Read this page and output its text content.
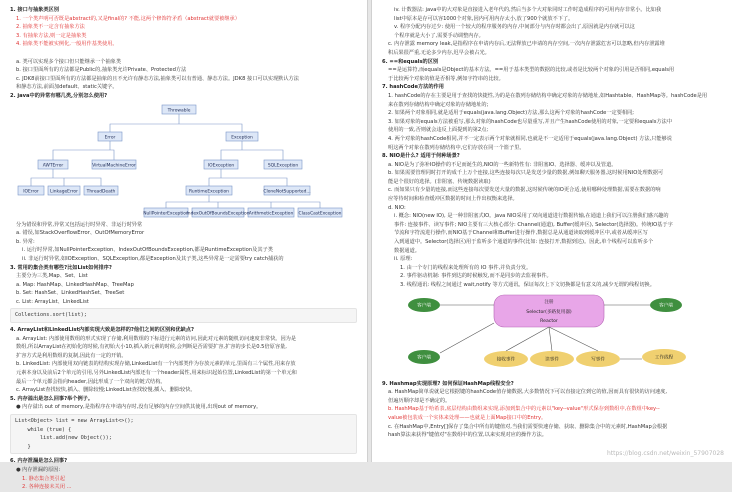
1. 接口与抽象类区别
1. 一个类声明可否既是abstract的,又是final的? 不能,这两个修饰符矛盾（abstract就要被继承）
2. 抽象类不一定含有抽象方法
3. 有抽象方法,则一定是抽象类
4. 抽象类不能被实例化,一般用作基类使用。
a. 类可以实现多个接口但只能继承一个抽象类
b. 接口里面所有的方法都是Public的,抽象类允许Private、Protected方法
c. JDK8前接口里面所有的方法都是抽象的且不允许有静态方法,抽象类可以有普通、静态方法。JDK8 接口可以实现默认方法
和静态方法,前面加default、static关键字。
2. java中的异常有哪几类,分别怎么使用?
Throwable
Error	Exception
AWTError	VirtualMachineError	IOException	SQLException
IOError	LinkageError ThreadDeath	RuntimeException	CloneNotSupported...
NullPointerException
IndexOutOfBoundsException ArithmeticException ClassCastException
分为错误和异常,异常又包括运行时异常、非运行时异常
a. 错误,如StackOverflowError、OutOfMemoryError
b. 异常:
i. 运行时异常,如NullPointerException、IndexOutOfBoundsException,都是RuntimeException及其子类
ii. 非运行时异常,如IOException、SQLException,都是Exception及其子类,这些异常是一定需要try catch捕获的
3. 常用的集合类有哪些?比如List如何排序?
主要分为三类,Map、Set、List
a. Map: HashMap、LinkedHashMap、TreeMap
b. Set: HashSet、LinkedHashSet、TreeSet
c. List: ArrayList、LinkedList
Collections.sort(list);
4. ArrayList和LinkedList内部实现大致是怎样的?他们之间的区别和优缺点?
a. ArrayList: 内部使用数组的形式实现了存储,利用数组的下标进行元素的访问,因此对元素的随机访问速度非常快。因为是
数组,所以ArrayList在初始化的时候,有初始大小10,插入新元素的时候,会判断是否需要扩容,扩容的步长是0.5倍原容量,
扩容方式是利用数组的复制,因此有一定的开销。
b. LinkedList: 内部使用双向链表的结构实现存储,LinkedList有一个内部类作为存放元素的单元,里面有三个属性,用来存放
元素本身以及前后2个单元的引用,另外LinkedList内部还有一个header属性,用来标识起始位置,LinkedList的第一个单元和
最后一个单元都会指向header,因此形成了一个双向的链式结构。
c. ArrayList查找较快,插入、删除较慢;LinkedList查找较慢,插入、删除较快。
5. 内存溢出是怎么回事?举个例子。
● 内存溢出 out of memory,是指程序在申请内存时,没有足够的内存空间供其使用,出现out of memory。
List<Object> list = new ArrayList<>();
while (true) {
list.add(new Object());
}
6. 内存泄漏是怎么回事?
● 内存泄漏的原因:
1. 静态集合类引起
2. 各种连接未关闭 ...
iv. 计数器法: java中的大对象是直接进入老年代的,然后当多个大对象同时工作时造成程序的可用内存非常小。比如我
list中原本是存可以容1000个对象,因内可用内存太小,放了900个就放不下了。
v. 程序分配内存过少: 使用一个较大的程序服务的内存,中间部分与内存时都会出了,原因就是内存就可以这
个程序就是大小了,需要手动调整内存。
c. 内存泄露 memory leak,是指程序在申请内存后,无法释放已申请的内存空间,一次内存泄露危害可以忽略,但内存泄露堆
积后果很严重,无论多少内存,迟早会被占光。
6. ==和equals的区别
==是运算符,而equals是Object的基本方法。==用于基本类型的数据的比较,或者是比较两个对象的引用是否相同,equals用
于比较两个对象的值是否相等,例如字符串的比较。
7. hashCode方法的作用
1. hashCode的存在主要是用于查找的快捷性,为的是在散列存储结构中确定对象的存储地址,如Hashtable、HashMap等。hashCode是用
来在散列存储结构中确定对象的存储地址的;
2. 如果两个对象相同,就是适用于equals(java.lang.Object)方法,那么这两个对象的hashCode一定要相同;
3. 如果对象的equals方法被重写,那么对象的hashCode也尽量重写,并且产生hashCode使用的对象,一定要和equals方法中
使用的一致,否则就会违反上面提到的第2点;
4. 两个对象的hashCode相同,并不一定表示两个对象就相同,也就是不一定适用于equals(java.lang.Object) 方法,只能够说
明这两个对象在散列存储结构中,它们存放在同一个篮子里。
8. NIO是什么? 适用于何种场景?
a. NIO是为了弥补IO操作的不足而诞生的,NIO的一些新特性有: 非阻塞IO、选择器、缓冲以及管道。
b. 如果需要管理同时打开的成千上万个连接,这些连接每次只是发送少量的数据,例如聊天服务器,这时候用NIO处理数据可
能是个很好的选择。(非阻塞、传统数据读取)
c. 而如果只有少量的连接,而这些连接每次要发送大量的数据,这时候传统的IO更合适,使用哪种处理数据,需要在数据的响
应等待时间和检查缓冲区数据的时间上作出权衡来选择。
d. NIO:
i. 概念: NIO(new IO), 是一种非阻塞式IO。java NIO采用了双向通道进行数据传输,在通道上我们可以注册我们感兴趣的
事件: 连接事件、读写事件; NIO主要有三大核心部分: Channel(通道), Buffer(缓冲区), Selector(选择器)。传统IO基于字
节流和字符流进行操作,而NIO基于Channel和Buffer进行操作,数据总是从通道读取到缓冲区中,或者从缓冲区写
入到通道中。Selector(选择区)用于监听多个通道的事件(比如: 连接打开,数据到达)。因此,单个线程可以监听多个
数据通道。
ii. 原理:
1. 由一个专门的线程来处理所有的 IO 事件,并负责分发。
2. 事件驱动机制: 事件到达的时候触发,而不是同步的去监视事件。
3. 线程通讯: 线程之间通过 wait,notify 等方式通讯。保证每次上下文切换都是有意义的,减少无谓的线程切换。
客户端	客户端
客户端
注册
Selector(多路复用器)
Reactor
接收事件	读事件	写事件	工作线程
9. Hashmap实现原理? 如何保证HashMap线程安全?
a. HashMap简单说就是它根据键的hashCode值存储数据,大多数情况下可以直接定位到它的值,因而具有很快的访问速度,
但遍历顺序却是不确定的。
b. HashMap基于哈希表,底层结构由数组来实现,添加到集合中的元素以"key--value"形式保存到数组中,在数组中key--
value被包装成一个实体来处理——也就是上面Map接口中的Entry。
c. 在HashMap中,Entry[]保存了集合中所有的键值对,当我们需要快速存储、获取、删除集合中的元素时,HashMap会根据
hash算法来获得"键值对"在数组中的位置,以来实现对应的操作方法。
https://blog.csdn.net/weixin_57907028
